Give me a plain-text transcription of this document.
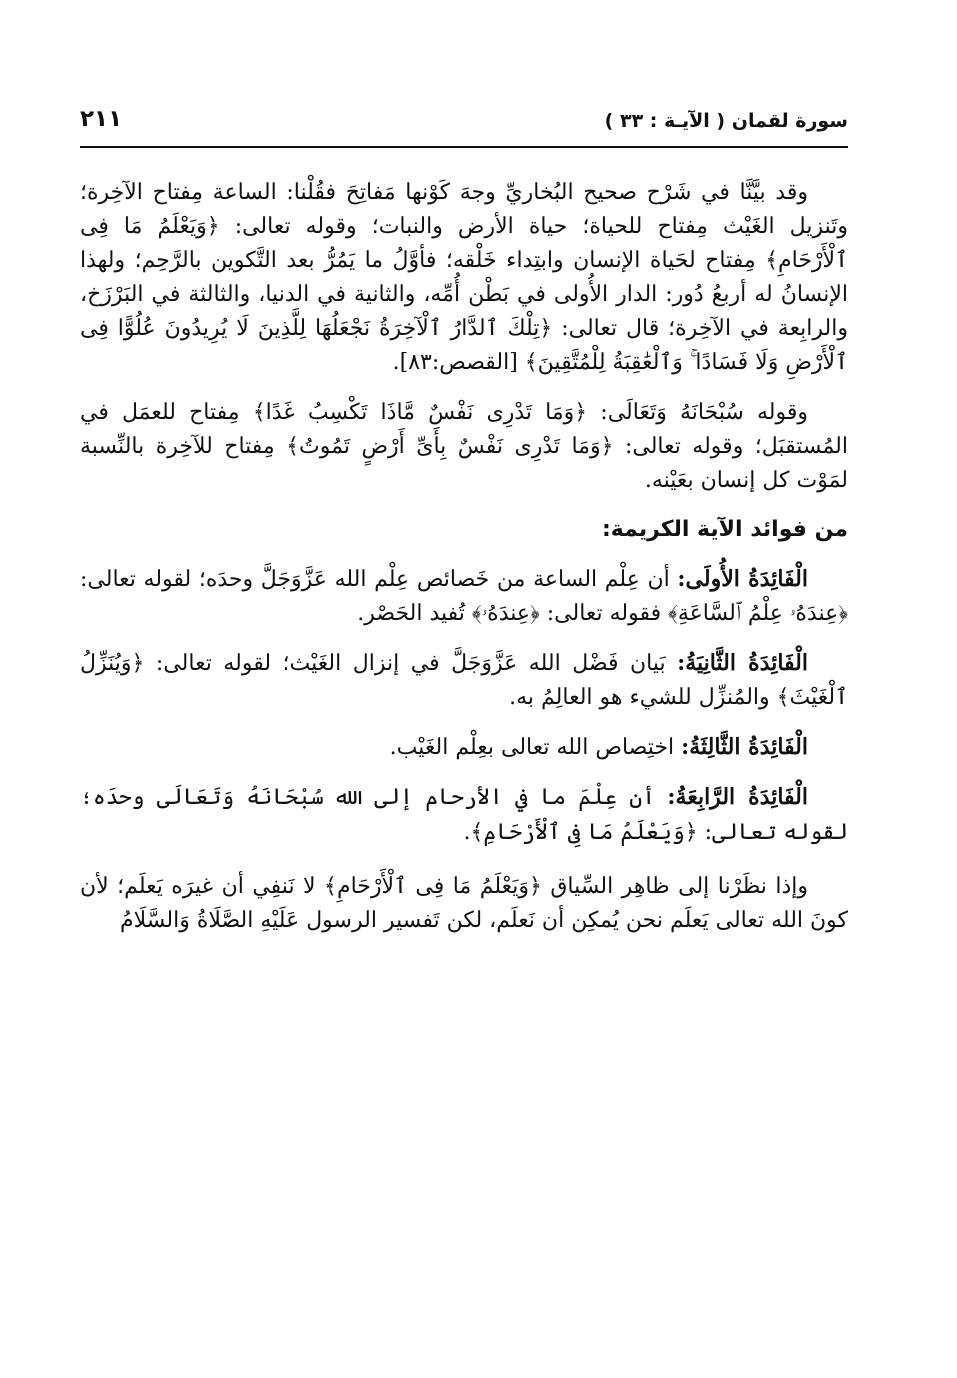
سورة لقمان ( الآيـة : ٣٣ )
٢١١

وقد بيَّنَّا في شَرْح صحيح البُخاريِّ وجهَ كَوْنها مَفاتِحَ فقُلْنا: الساعة مِفتاح الآخِرة؛ وتَنزيل الغَيْث مِفتاح للحياة؛ حياة الأرض والنبات؛ وقوله تعالى: ﴿وَيَعْلَمُ مَا فِى ٱلْأَرْحَامِ﴾ مِفتاح لحَياة الإنسان وابتِداء خَلْقه؛ فأوَّلُ ما يَمُرُّ بعد التَّكوين بالرَّحِم؛ ولهذا الإنسانُ له أربعُ دُور: الدار الأُولى في بَطْن أُمِّه، والثانية في الدنيا، والثالثة في البَرْزَخ، والرابِعة في الآخِرة؛ قال تعالى: ﴿تِلْكَ ٱلدَّارُ ٱلْآخِرَةُ نَجْعَلُهَا لِلَّذِينَ لَا يُرِيدُونَ عُلُوًّا فِى ٱلْأَرْضِ وَلَا فَسَادًا ۚ وَٱلْعَٰقِبَةُ لِلْمُتَّقِينَ﴾ [القصص:٨٣].

وقوله سُبْحَانَهُ وَتَعَالَى: ﴿وَمَا تَدْرِى نَفْسٌ مَّاذَا تَكْسِبُ غَدًا﴾ مِفتاح للعمَل في المُستقبَل؛ وقوله تعالى: ﴿وَمَا تَدْرِى نَفْسٌ بِأَىِّ أَرْضٍ تَمُوتُ﴾ مِفتاح للآخِرة بالنِّسبة لمَوْت كل إنسان بعَيْنه.

من فوائد الآية الكريمة:

الْفَائِدَةُ الأُولَى: أن عِلْم الساعة من خَصائص عِلْم الله عَزَّوَجَلَّ وحدَه؛ لقوله تعالى: ﴿عِندَهُۥ عِلْمُ ٱلسَّاعَةِ﴾ فقوله تعالى: ﴿عِندَهُۥ﴾ تُفيد الحَصْر.

الْفَائِدَةُ الثَّانِيَةُ: بَيان فَضْل الله عَزَّوَجَلَّ في إنزال الغَيْث؛ لقوله تعالى: ﴿وَيُنَزِّلُ ٱلْغَيْثَ﴾ والمُنزِّل للشيء هو العالِمُ به.

الْفَائِدَةُ الثَّالِثَةُ: اختِصاص الله تعالى بعِلْم الغَيْب.

الْفَائِدَةُ الرَّابِعَةُ: أن عِلْمَ ما في الأرحام إلى الله سُبْحَانَهُ وَتَعَالَى وحدَه؛ لقوله تعالى: ﴿وَيَعْلَمُ مَا فِى ٱلْأَرْحَامِ﴾.

وإذا نظَرْنا إلى ظاهِر السِّياق ﴿وَيَعْلَمُ مَا فِى ٱلْأَرْحَامِ﴾ لا نَنفِي أن غيرَه يَعلَم؛ لأن كونَ الله تعالى يَعلَم نحن يُمكِن أن نَعلَم، لكن تَفسير الرسول عَلَيْهِ الصَّلَاةُ وَالسَّلَامُ
